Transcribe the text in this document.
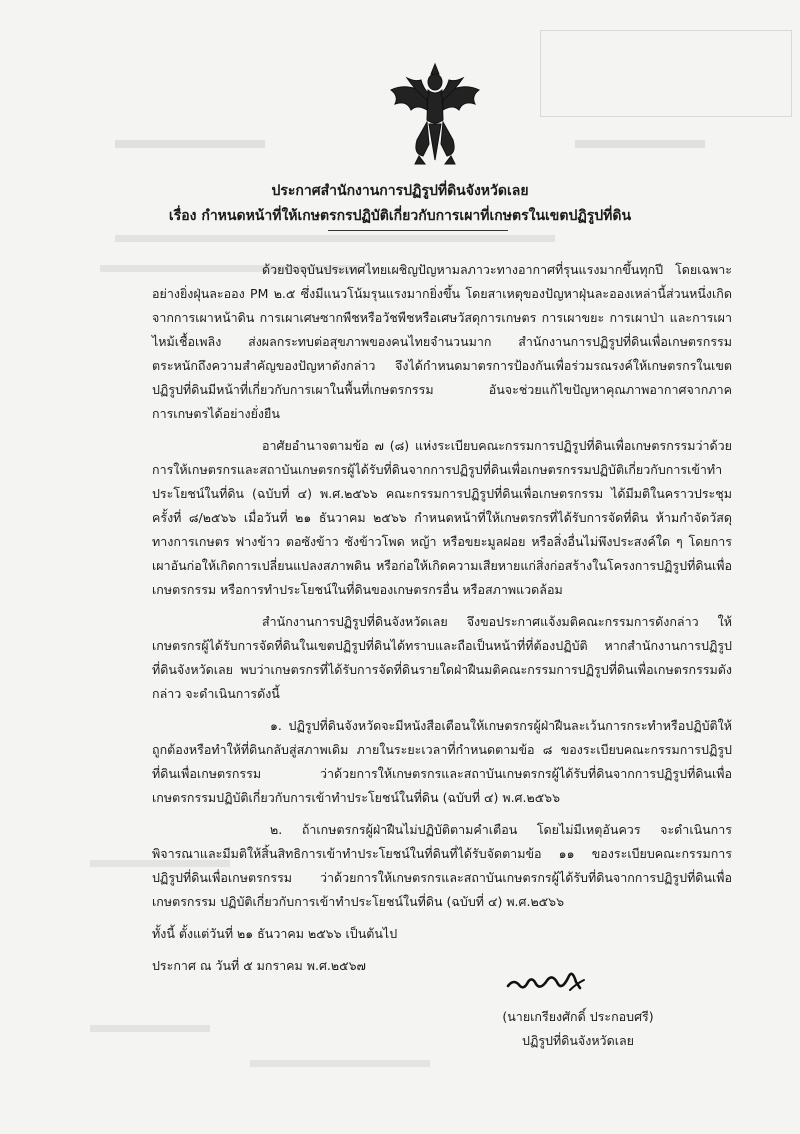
ประกาศสำนักงานการปฏิรูปที่ดินจังหวัดเลย
เรื่อง กำหนดหน้าที่ให้เกษตรกรปฏิบัติเกี่ยวกับการเผาที่เกษตรในเขตปฏิรูปที่ดิน

ด้วยปัจจุบันประเทศไทยเผชิญปัญหามลภาวะทางอากาศที่รุนแรงมากขึ้นทุกปี โดยเฉพาะอย่างยิ่งฝุ่นละออง PM ๒.๕ ซึ่งมีแนวโน้มรุนแรงมากยิ่งขึ้น โดยสาเหตุของปัญหาฝุ่นละอองเหล่านี้ส่วนหนึ่งเกิดจากการเผาหน้าดิน การเผาเศษซากพืชหรือวัชพืชหรือเศษวัสดุการเกษตร การเผาขยะ การเผาป่า และการเผาไหม้เชื้อเพลิง ส่งผลกระทบต่อสุขภาพของคนไทยจำนวนมาก สำนักงานการปฏิรูปที่ดินเพื่อเกษตรกรรม ตระหนักถึงความสำคัญของปัญหาดังกล่าว จึงได้กำหนดมาตรการป้องกันเพื่อร่วมรณรงค์ให้เกษตรกรในเขตปฏิรูปที่ดินมีหน้าที่เกี่ยวกับการเผาในพื้นที่เกษตรกรรม อันจะช่วยแก้ไขปัญหาคุณภาพอากาศจากภาคการเกษตรได้อย่างยั่งยืน

อาศัยอำนาจตามข้อ ๗ (๘) แห่งระเบียบคณะกรรมการปฏิรูปที่ดินเพื่อเกษตรกรรมว่าด้วยการให้เกษตรกรและสถาบันเกษตรกรผู้ได้รับที่ดินจากการปฏิรูปที่ดินเพื่อเกษตรกรรมปฏิบัติเกี่ยวกับการเข้าทำประโยชน์ในที่ดิน (ฉบับที่ ๔) พ.ศ.๒๕๖๖ คณะกรรมการปฏิรูปที่ดินเพื่อเกษตรกรรม ได้มีมติในคราวประชุมครั้งที่ ๘/๒๕๖๖ เมื่อวันที่ ๒๑ ธันวาคม ๒๕๖๖ กำหนดหน้าที่ให้เกษตรกรที่ได้รับการจัดที่ดิน ห้ามกำจัดวัสดุทางการเกษตร ฟางข้าว ตอซังข้าว ซังข้าวโพด หญ้า หรือขยะมูลฝอย หรือสิ่งอื่นไม่พึงประสงค์ใด ๆ โดยการเผาอันก่อให้เกิดการเปลี่ยนแปลงสภาพดิน หรือก่อให้เกิดความเสียหายแก่สิ่งก่อสร้างในโครงการปฏิรูปที่ดินเพื่อเกษตรกรรม หรือการทำประโยชน์ในที่ดินของเกษตรกรอื่น หรือสภาพแวดล้อม

สำนักงานการปฏิรูปที่ดินจังหวัดเลย จึงขอประกาศแจ้งมติคณะกรรมการดังกล่าว ให้เกษตรกรผู้ได้รับการจัดที่ดินในเขตปฏิรูปที่ดินได้ทราบและถือเป็นหน้าที่ที่ต้องปฏิบัติ หากสำนักงานการปฏิรูปที่ดินจังหวัดเลย พบว่าเกษตรกรที่ได้รับการจัดที่ดินรายใดฝ่าฝืนมติคณะกรรมการปฏิรูปที่ดินเพื่อเกษตรกรรมดังกล่าว จะดำเนินการดังนี้

๑. ปฏิรูปที่ดินจังหวัดจะมีหนังสือเตือนให้เกษตรกรผู้ฝ่าฝืนละเว้นการกระทำหรือปฏิบัติให้ถูกต้องหรือทำให้ที่ดินกลับสู่สภาพเดิม ภายในระยะเวลาที่กำหนดตามข้อ ๘ ของระเบียบคณะกรรมการปฏิรูปที่ดินเพื่อเกษตรกรรม ว่าด้วยการให้เกษตรกรและสถาบันเกษตรกรผู้ได้รับที่ดินจากการปฏิรูปที่ดินเพื่อเกษตรกรรมปฏิบัติเกี่ยวกับการเข้าทำประโยชน์ในที่ดิน (ฉบับที่ ๔) พ.ศ.๒๕๖๖

๒. ถ้าเกษตรกรผู้ฝ่าฝืนไม่ปฏิบัติตามคำเตือน โดยไม่มีเหตุอันควร จะดำเนินการพิจารณาและมีมติให้สิ้นสิทธิการเข้าทำประโยชน์ในที่ดินที่ได้รับจัดตามข้อ ๑๑ ของระเบียบคณะกรรมการปฏิรูปที่ดินเพื่อเกษตรกรรม ว่าด้วยการให้เกษตรกรและสถาบันเกษตรกรผู้ได้รับที่ดินจากการปฏิรูปที่ดินเพื่อเกษตรกรรม ปฏิบัติเกี่ยวกับการเข้าทำประโยชน์ในที่ดิน (ฉบับที่ ๔) พ.ศ.๒๕๖๖

ทั้งนี้ ตั้งแต่วันที่ ๒๑ ธันวาคม ๒๕๖๖ เป็นต้นไป

ประกาศ ณ วันที่ ๕ มกราคม พ.ศ.๒๕๖๗

(นายเกรียงศักดิ์ ประกอบศรี)
ปฏิรูปที่ดินจังหวัดเลย
